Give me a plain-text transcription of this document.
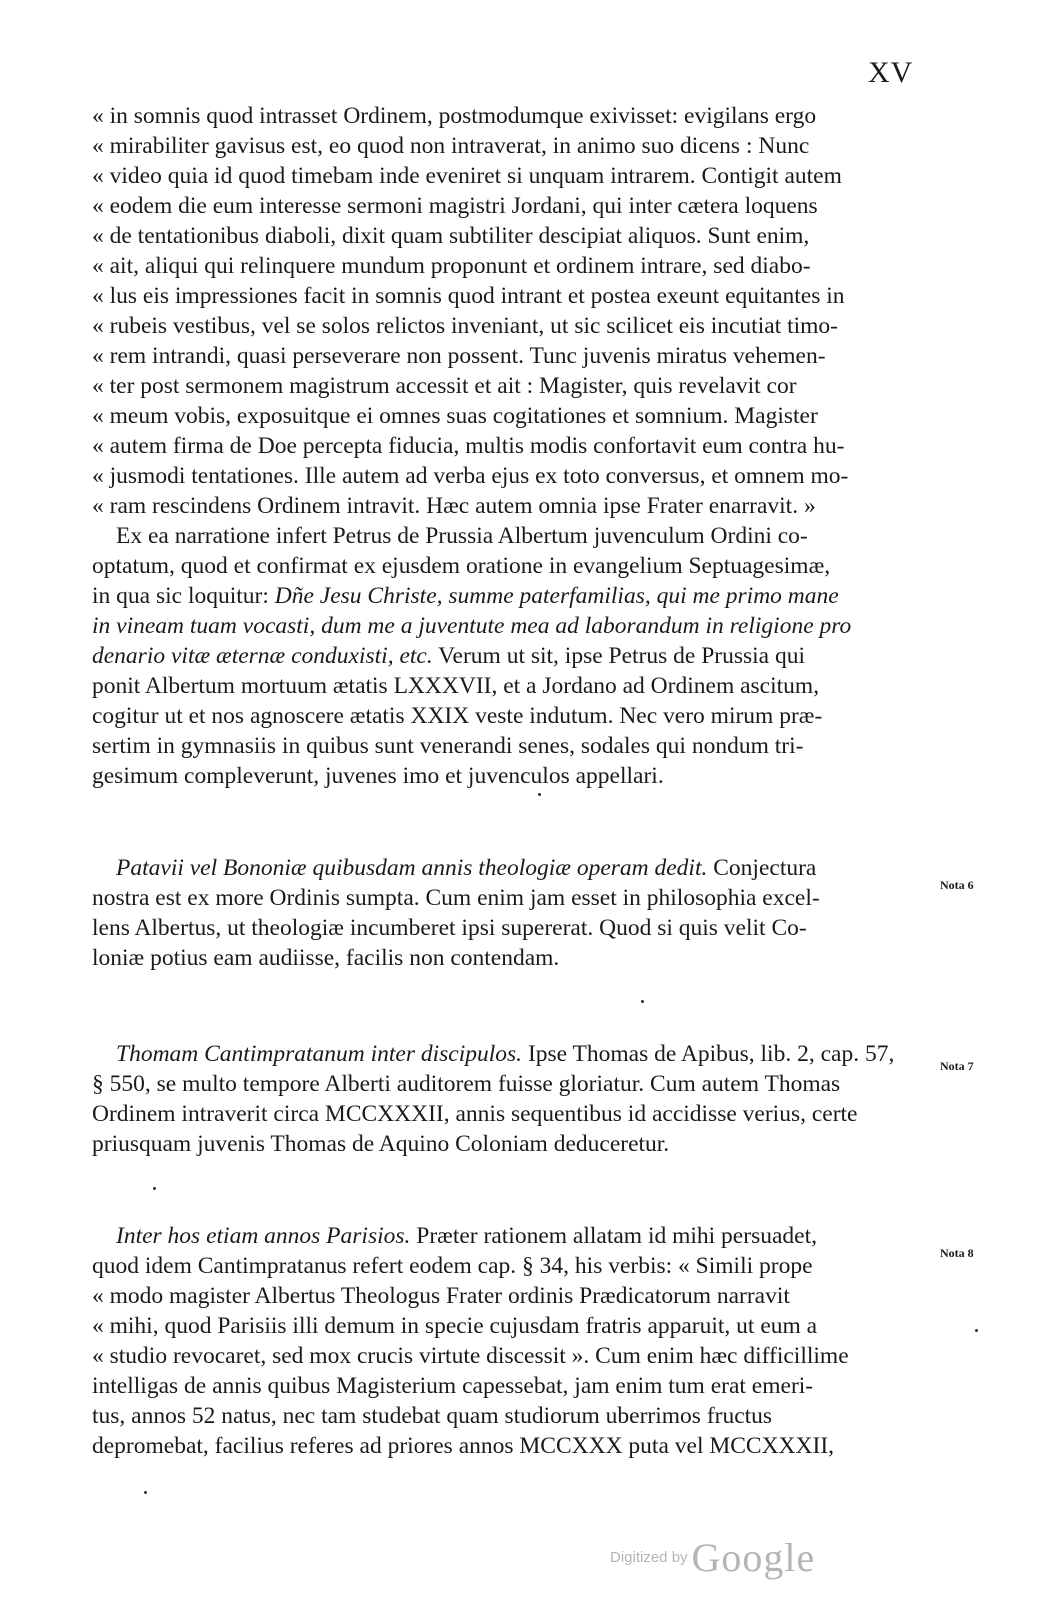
XV
« in somnis quod intrasset Ordinem, postmodumque exivisset: evigilans ergo
« mirabiliter gavisus est, eo quod non intraverat, in animo suo dicens : Nunc
« video quia id quod timebam inde eveniret si unquam intrarem. Contigit autem
« eodem die eum interesse sermoni magistri Jordani, qui inter cætera loquens
« de tentationibus diaboli, dixit quam subtiliter descipiat aliquos. Sunt enim,
« ait, aliqui qui relinquere mundum proponunt et ordinem intrare, sed diabo-
« lus eis impressiones facit in somnis quod intrant et postea exeunt equitantes in
« rubeis vestibus, vel se solos relictos inveniant, ut sic scilicet eis incutiat timo-
« rem intrandi, quasi perseverare non possent. Tunc juvenis miratus vehemen-
« ter post sermonem magistrum accessit et ait : Magister, quis revelavit cor
« meum vobis, exposuitque ei omnes suas cogitationes et somnium. Magister
« autem firma de Doe percepta fiducia, multis modis confortavit eum contra hu-
« jusmodi tentationes. Ille autem ad verba ejus ex toto conversus, et omnem mo-
« ram rescindens Ordinem intravit. Hæc autem omnia ipse Frater enarravit. »
Ex ea narratione infert Petrus de Prussia Albertum juvenculum Ordini co-
optatum, quod et confirmat ex ejusdem oratione in evangelium Septuagesimæ,
in qua sic loquitur: Dñe Jesu Christe, summe paterfamilias, qui me primo mane
in vineam tuam vocasti, dum me a juventute mea ad laborandum in religione pro
denario vitæ æternæ conduxisti, etc. Verum ut sit, ipse Petrus de Prussia qui
ponit Albertum mortuum ætatis LXXXVII, et a Jordano ad Ordinem ascitum,
cogitur ut et nos agnoscere ætatis XXIX veste indutum. Nec vero mirum præ-
sertim in gymnasiis in quibus sunt venerandi senes, sodales qui nondum tri-
gesimum compleverunt, juvenes imo et juvenculos appellari.
Nota 6
Patavii vel Bononiæ quibusdam annis theologiæ operam dedit. Conjectura
nostra est ex more Ordinis sumpta. Cum enim jam esset in philosophia excel-
lens Albertus, ut theologiæ incumberet ipsi supererat. Quod si quis velit Co-
loniæ potius eam audiisse, facilis non contendam.
Nota 7
Thomam Cantimpratanum inter discipulos. Ipse Thomas de Apibus, lib. 2, cap. 57,
§ 550, se multo tempore Alberti auditorem fuisse gloriatur. Cum autem Thomas
Ordinem intraverit circa MCCXXXII, annis sequentibus id accidisse verius, certe
priusquam juvenis Thomas de Aquino Coloniam deduceretur.
Nota 8
Inter hos etiam annos Parisios. Præter rationem allatam id mihi persuadet,
quod idem Cantimpratanus refert eodem cap. § 34, his verbis: « Simili prope
« modo magister Albertus Theologus Frater ordinis Prædicatorum narravit
« mihi, quod Parisiis illi demum in specie cujusdam fratris apparuit, ut eum a
« studio revocaret, sed mox crucis virtute discessit ». Cum enim hæc difficillime
intelligas de annis quibus Magisterium capessebat, jam enim tum erat emeri-
tus, annos 52 natus, nec tam studebat quam studiorum uberrimos fructus
depromebat, facilius referes ad priores annos MCCXXX puta vel MCCXXXII,
Digitized by Google
